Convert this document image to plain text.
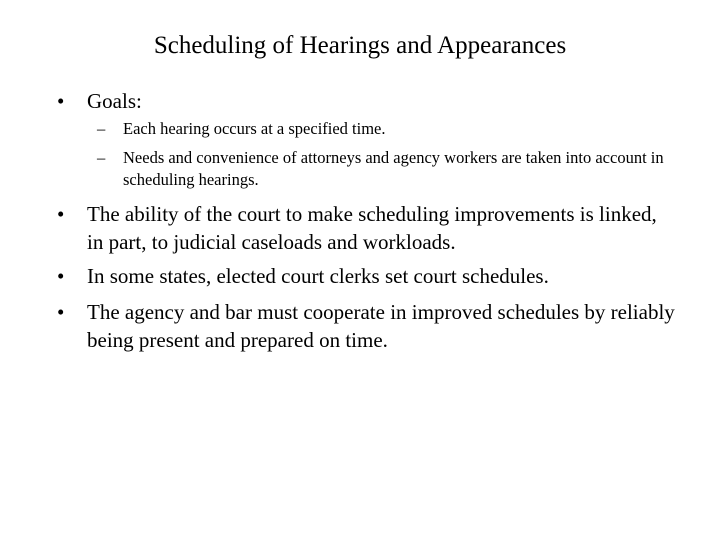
Scheduling of Hearings and Appearances
• Goals:
– Each hearing occurs at a specified time.
– Needs and convenience of attorneys and agency workers are taken into account in scheduling hearings.
• The ability of the court to make scheduling improvements is linked, in part, to judicial caseloads and workloads.
• In some states, elected court clerks set court schedules.
• The agency and bar must cooperate in improved schedules by reliably being present and prepared on time.
